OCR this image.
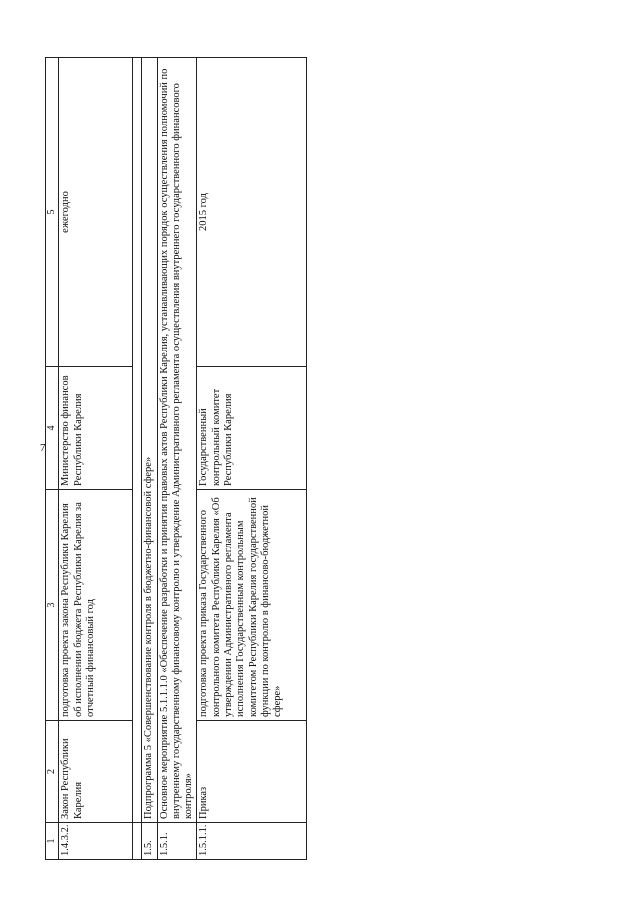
7
1	2	3	4	5
1.4.3.2.	Закон Республики Карелия	подготовка проекта закона Республики Карелия об исполнении бюджета Республики Карелия за отчетный финансовый год	Министерство финансов Республики Карелия	ежегодно

1.5.	Подпрограмма 5 «Совершенствование контроля в бюджетно-финансовой сфере»			
1.5.1.	Основное мероприятие 5.1.1.1.0 «Обеспечение разработки и принятия правовых актов Республики Карелия, устанавливающих порядок осуществления полномочий по внутреннему государственному финансовому контролю и утверждение Административного регламента осуществления внутреннего государственного финансового контроля»			
1.5.1.1.	Приказ	подготовка проекта приказа Государственного контрольного комитета Республики Карелия «Об утверждении Административного регламента исполнения Государственным контрольным комитетом Республики Карелия государственной функции по контролю в финансово-бюджетной сфере»	Государственный контрольный комитет Республики Карелия	2015 год
